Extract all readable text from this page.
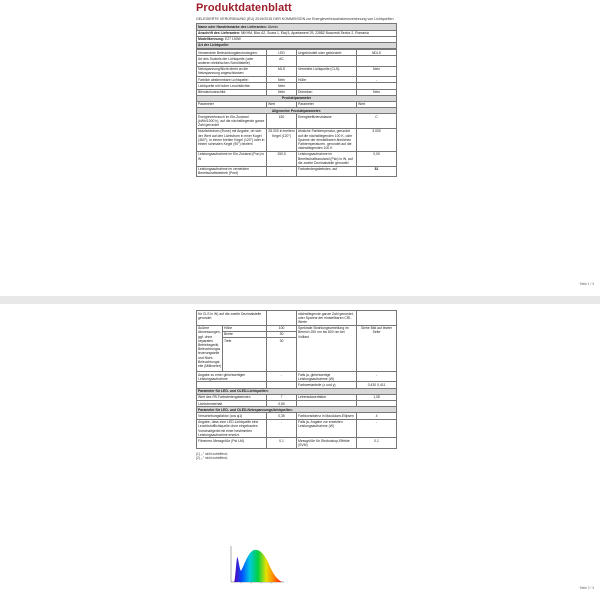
Produktdatenblatt
GELEGIERTE VERORDNUNG (EU) 2019/2015 DER KOMMISSION zur Energieverbrauchskennzeichnung von Lichtquellen
Name oder Handelsmarke des Lieferanten: Alvedo
Anschrift des Lieferanten: NIKHM, Bloc A2, Scara 1, Etaj 5, Apartament 29, 22882 Bucuresti Sector 2, Romania
Modellkennung: E27 150W
Art der Lichtquelle:
Verwendete Beleuchtungstechnologien:	LED	Ungebündelt oder gebündelt:	NDLS
Art des Sockels der Lichtquelle (oder anderen elektrischen Schnittstelle)	AC		
Netzspannung/Nicht direkt an die Netzspannung angeschlossen:	MLS	Vernetzte Lichtquelle (CLS):	Nein
Farblich abstimmbare Lichtquelle:	Nein	Hülle:	-
Lichtquelle mit hoher Leuchtdichte:	Nein		
Blendschutzschild:	Nein	Dimmbar:	Nein
Produktparameter			
Parameter	Wert	Parameter	Wert
Allgemeine Produktparameter:			
Energieverbrauch im Ein-Zustand (kWh/1000 h), auf die nächstliegende ganze Zahl gerundet	150	Energieeffizienzklasse	C
Nutzlichtstrom (Φuse) mit Angabe, ob sich der Wert auf den Lichtstrom in einer Kugel (360°), in einem breiten Kegel (120°) oder in einem schmalen Kegel (90°) bezieht	25.000 in breitem Kegel (120°)	ähnliche Farbtemperatur, gerundet auf die nächstliegenden 100 K, oder Spanne der einstellbaren ähnlichen Farbtemperaturen, gerundet auf die nächstliegenden 100 K	3.000
Leistungsaufnahme im Ein-Zustand (Pon) in W	150,0	Leistungsaufnahme im Bereitschaftszustand (Psb) in W, auf die zweite Dezimalstelle gerundet	0,00
Leistungsaufnahme im vernetzten Bereitschaftsbetrieb (Pnet)	-	Farbwiedergabeindex, auf	81
Seite 1 / 3
für CLS in W) auf die zweite Dezimalstelle gerundet			nächstliegende ganze Zahl gerundet, oder Spanne der einstellbaren CRI-Werte	
Äußere Abmessungen, ggf. ohne separates Betriebsgerät, Beleuchtungssteuerungsteile und Nicht-Beleuchtungsteile (Millimeter)	Höhe	100	Spektrale Strahlungsverteilung im Bereich 250 nm bis 800 nm bei Volllast	Siehe Bild auf letzter Seite
	Breite	30		
	Tiefe	30		
Angabe zu einer gleichwertigen Leistungsaufnahme		-	Falls ja, gleichwertige Leistungsaufnahme (W)	-
			Farbwertanteile (x und y)	0,430 0,411
Parameter für LED- und OLED-Lichtquellen:				
Wert des R9-Farbwiedergabeindex		7	Lebensdauerfaktor	1,08
Lichtstromerhalt		0,50		
Parameter für LED- und OLED-Netzspannungslichtquellen:				
Verschiebungsfaktor (cos φ1)		0,35	Farbkonsistenz in MacAdam-Ellipsen	4
Angabe, dass eine LED-Lichtquelle eine Leuchtstofflichtquelle ohne eingebautes Vorschaltgerät mit einer bestimmten Leistungsaufnahme ersetzt.		-	Falls ja, Angabe zur ersetzten Leistungsaufnahme (W)	-
Flimmern-Messgröße (Pst LM)		0,1	Messgröße für Stroboskop-Effekte (SVM)	0,1
(1) „-" nicht zutreffend;
(2) „-" nicht zutreffend;
Seite 2 / 3
